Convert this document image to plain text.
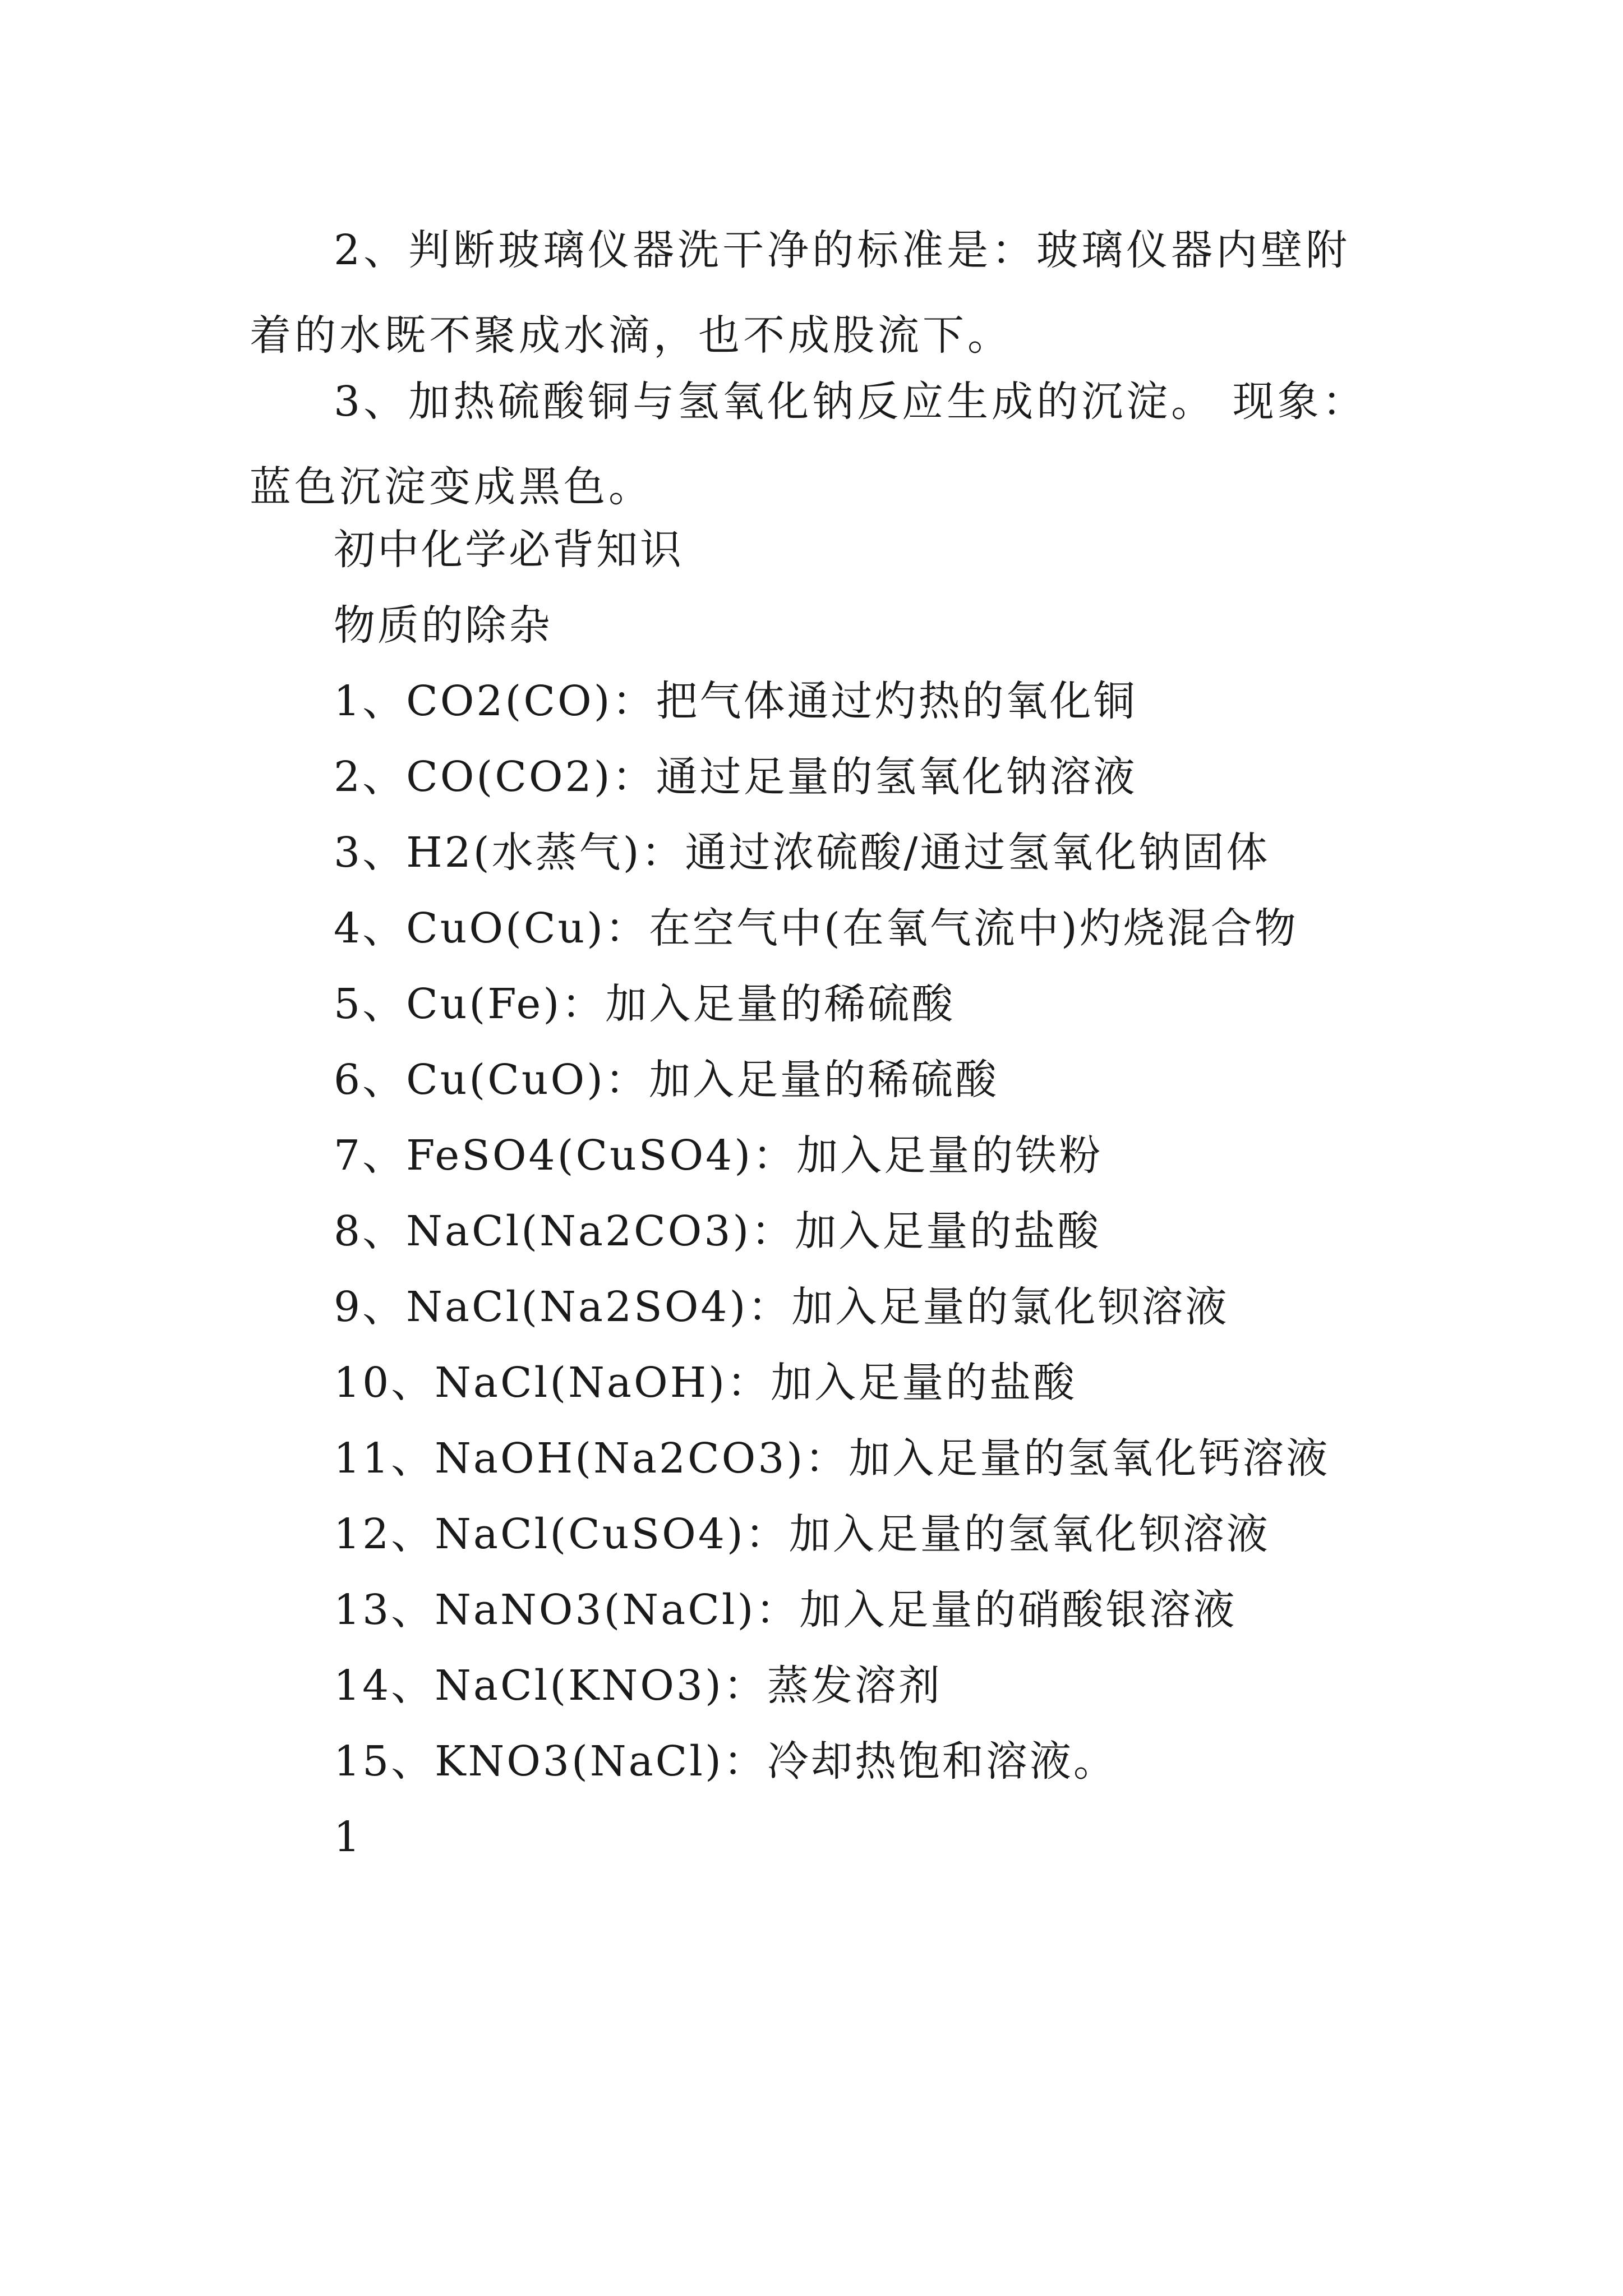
2、判断玻璃仪器洗干净的标准是：玻璃仪器内壁附着的水既不聚成水滴，也不成股流下。

3、加热硫酸铜与氢氧化钠反应生成的沉淀。 现象：蓝色沉淀变成黑色。

初中化学必背知识

物质的除杂

1、CO2(CO)：把气体通过灼热的氧化铜

2、CO(CO2)：通过足量的氢氧化钠溶液

3、H2(水蒸气)：通过浓硫酸/通过氢氧化钠固体

4、CuO(Cu)：在空气中(在氧气流中)灼烧混合物

5、Cu(Fe)：加入足量的稀硫酸

6、Cu(CuO)：加入足量的稀硫酸

7、FeSO4(CuSO4)：加入足量的铁粉

8、NaCl(Na2CO3)：加入足量的盐酸

9、NaCl(Na2SO4)：加入足量的氯化钡溶液

10、NaCl(NaOH)：加入足量的盐酸

11、NaOH(Na2CO3)：加入足量的氢氧化钙溶液

12、NaCl(CuSO4)：加入足量的氢氧化钡溶液

13、NaNO3(NaCl)：加入足量的硝酸银溶液

14、NaCl(KNO3)：蒸发溶剂

15、KNO3(NaCl)：冷却热饱和溶液。

1
